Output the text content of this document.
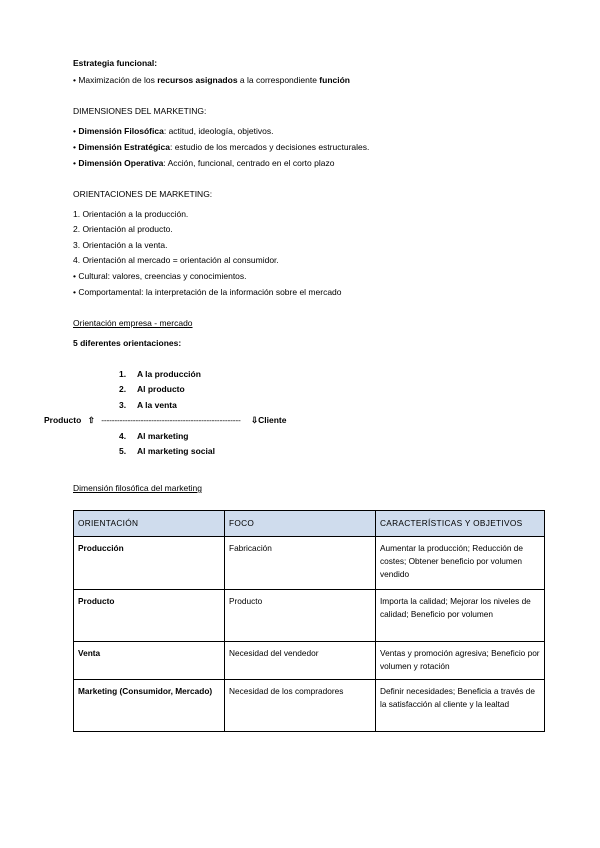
Estrategia funcional:
• Maximización de los recursos asignados a la correspondiente función
DIMENSIONES DEL MARKETING:
• Dimensión Filosófica: actitud, ideología, objetivos.
• Dimensión Estratégica: estudio de los mercados y decisiones estructurales.
• Dimensión Operativa: Acción, funcional, centrado en el corto plazo
ORIENTACIONES DE MARKETING:
1. Orientación a la producción.
2. Orientación al producto.
3. Orientación a la venta.
4. Orientación al mercado = orientación al consumidor.
• Cultural: valores, creencias y conocimientos.
• Comportamental: la interpretación de la información sobre el mercado
Orientación empresa - mercado
5 diferentes orientaciones:
1. A la producción
2. Al producto
3. A la venta
Producto ⇧ ----------------------------------------------------- ⇩Cliente
4. Al marketing
5. Al marketing social
Dimensión filosófica del marketing
ORIENTACIÓN	FOCO	CARACTERÍSTICAS Y OBJETIVOS
Producción	Fabricación	Aumentar la producción; Reducción de costes; Obtener beneficio por volumen vendido
Producto	Producto	Importa la calidad; Mejorar los niveles de calidad; Beneficio por volumen
Venta	Necesidad del vendedor	Ventas y promoción agresiva; Beneficio por volumen y rotación
Marketing (Consumidor, Mercado)	Necesidad de los compradores	Definir necesidades; Beneficia a través de la satisfacción al cliente y la lealtad
